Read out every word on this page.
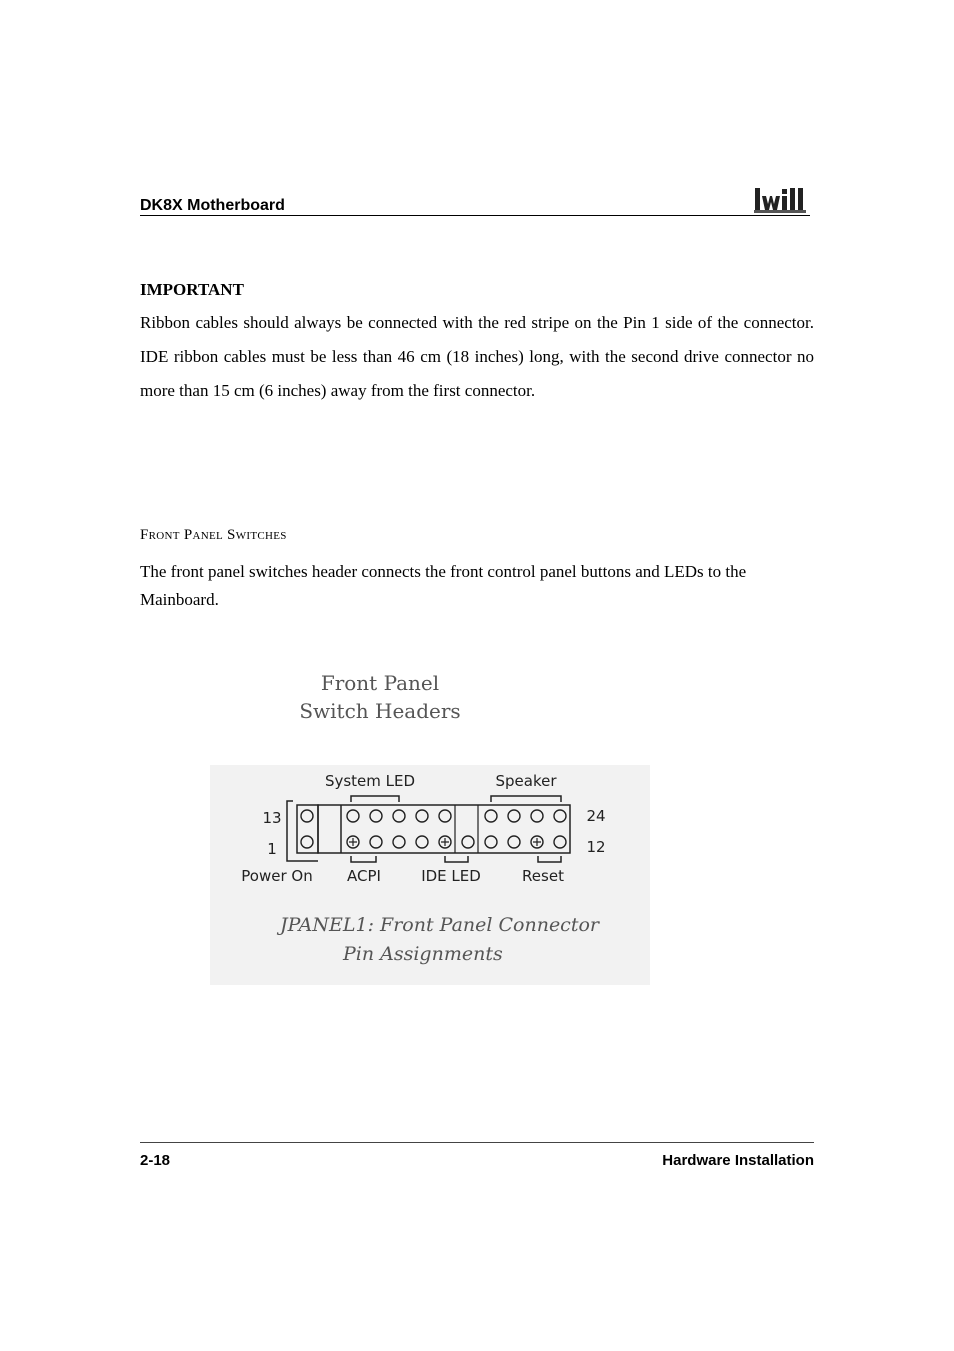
DK8X Motherboard
IMPORTANT
Ribbon cables should always be connected with the red stripe on the Pin 1 side of the connector. IDE ribbon cables must be less than 46 cm (18 inches) long, with the second drive connector no more than 15 cm (6 inches) away from the first connector.
Front Panel Switches
The front panel switches header connects the front control panel buttons and LEDs to the Mainboard.
Front Panel
Switch Headers
System LED	Speaker
13
1
24
12
Power On ACPI	IDE LED	Reset
JPANEL1: Front Panel Connector
Pin Assignments
2-18	Hardware Installation
